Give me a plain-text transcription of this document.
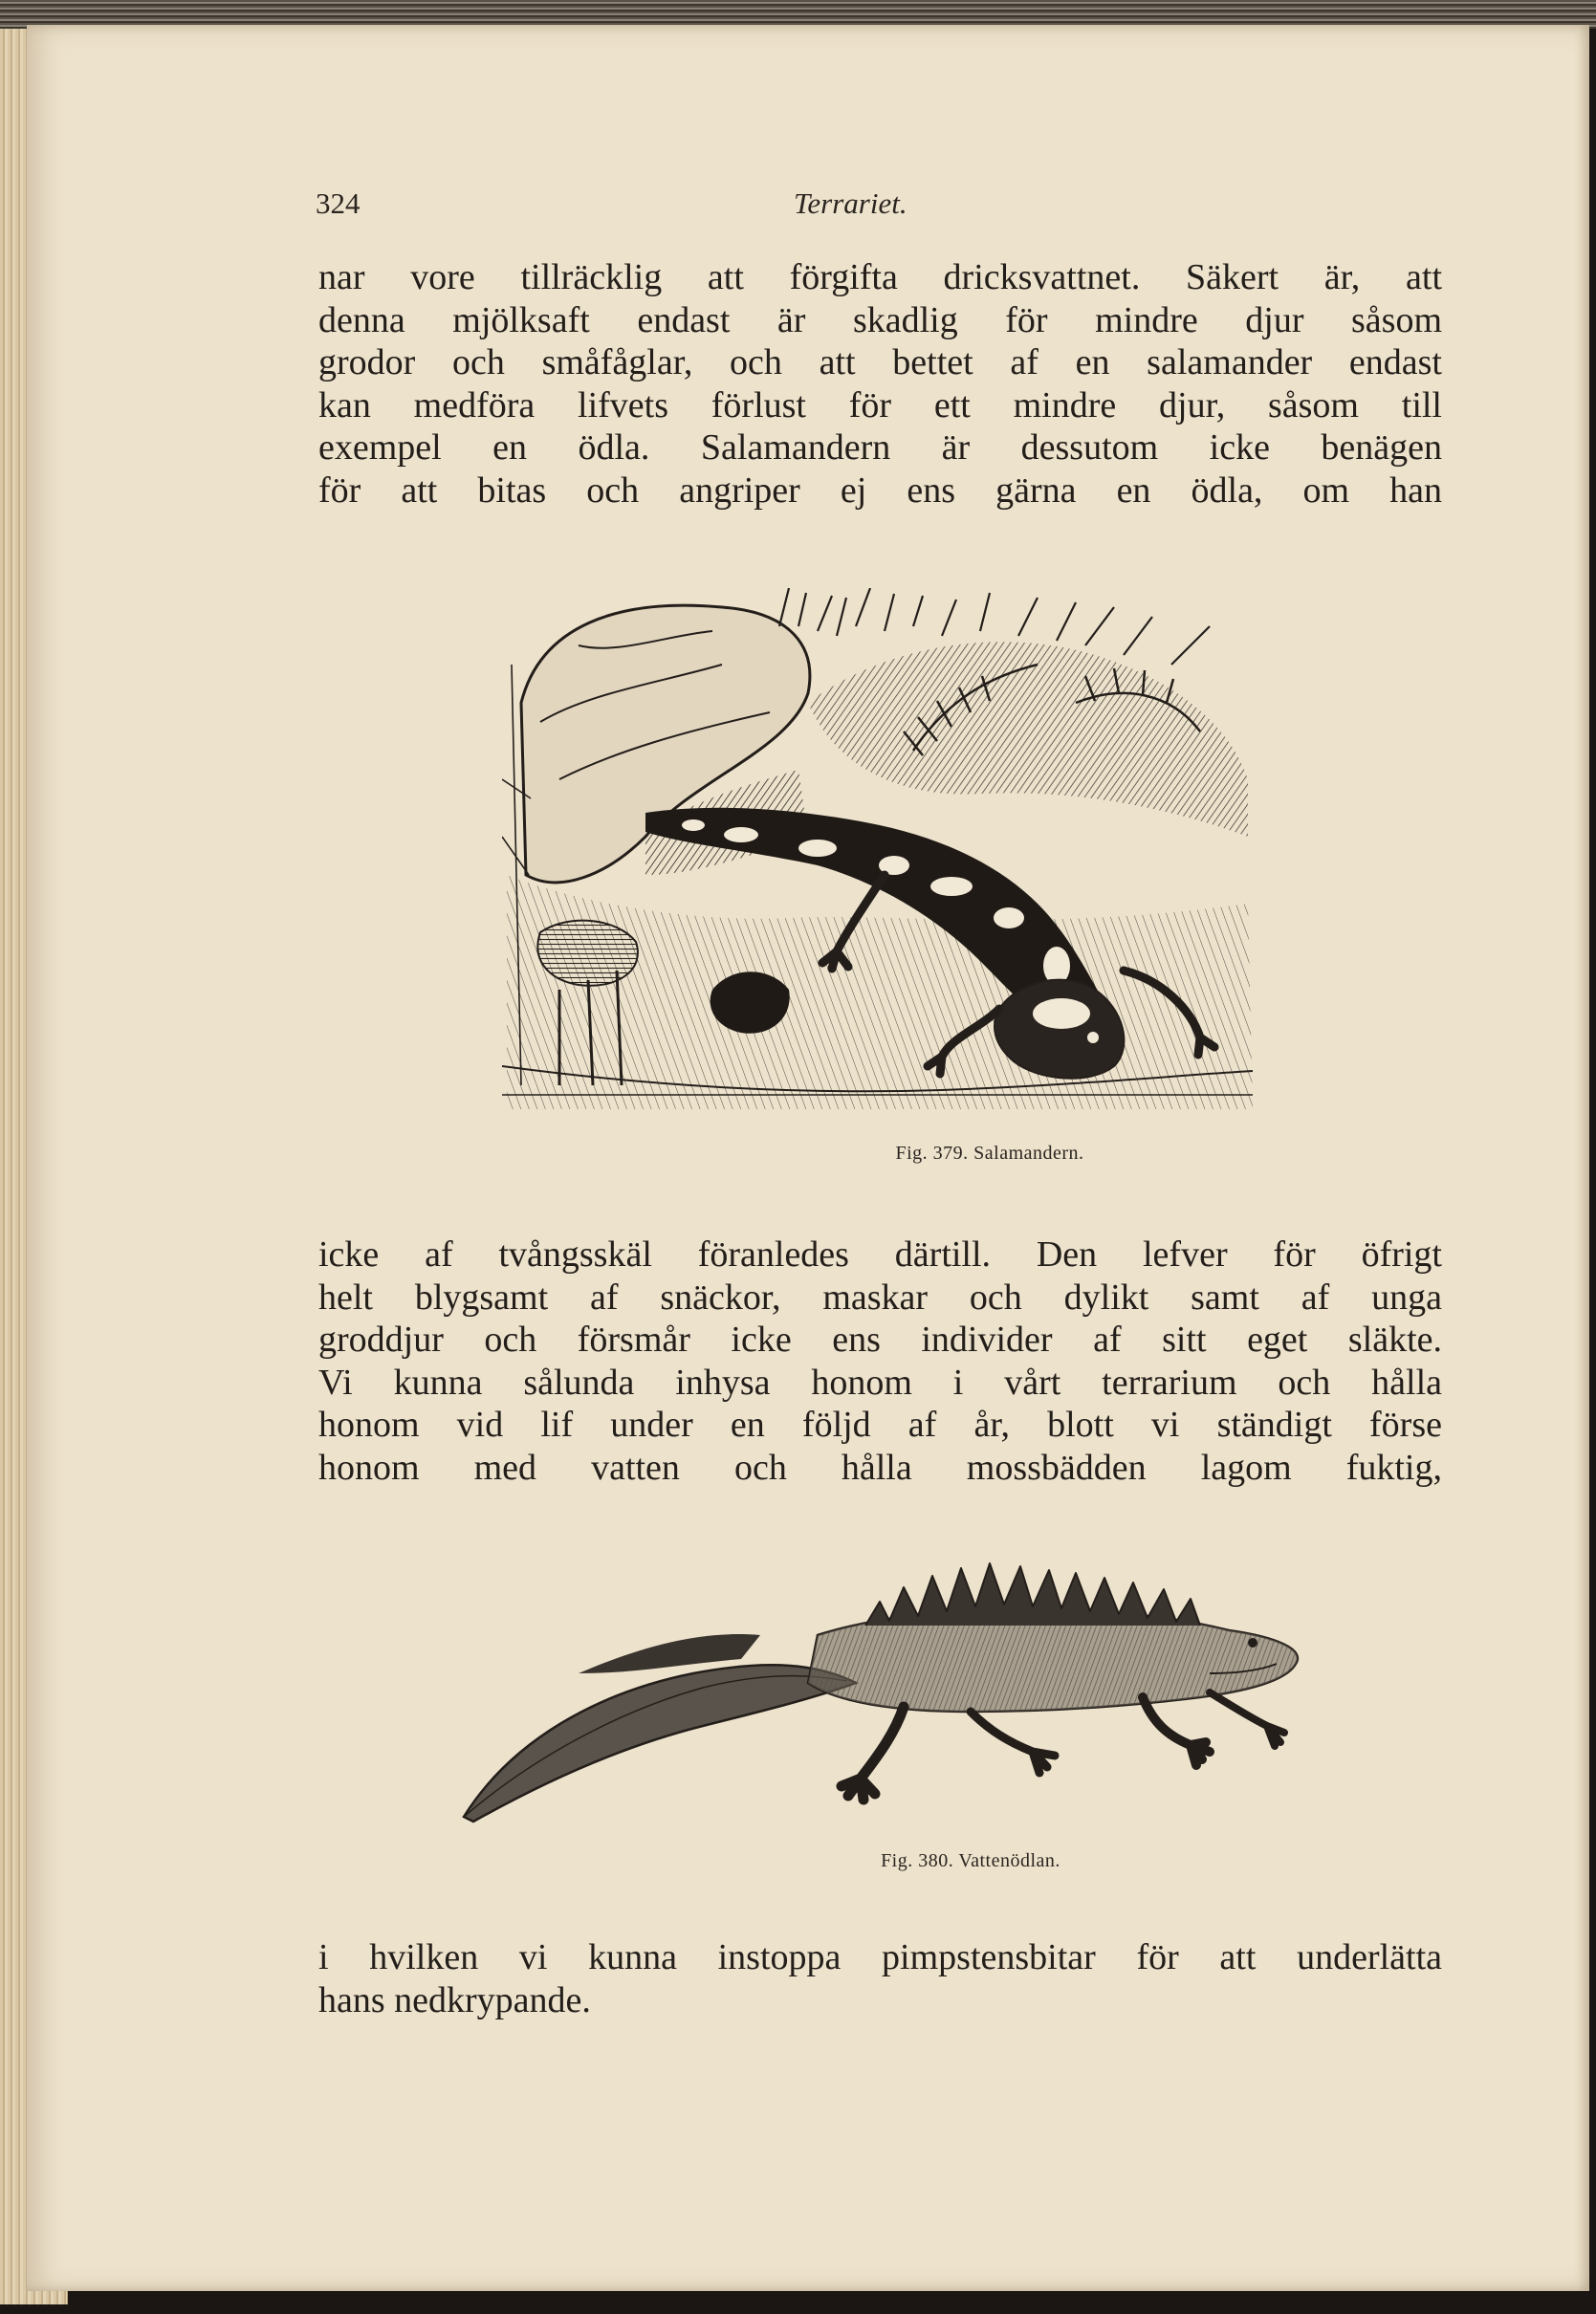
324	Terrariet.
nar vore tillräcklig att förgifta dricksvattnet. Säkert är, att
denna mjölksaft endast är skadlig för mindre djur såsom
grodor och småfåglar, och att bettet af en salamander endast
kan medföra lifvets förlust för ett mindre djur, såsom till
exempel en ödla. Salamandern är dessutom icke benägen
för att bitas och angriper ej ens gärna en ödla, om han
Fig. 379. Salamandern.
icke af tvångsskäl föranledes därtill. Den lefver för öfrigt
helt blygsamt af snäckor, maskar och dylikt samt af unga
groddjur och försmår icke ens individer af sitt eget släkte.
Vi kunna sålunda inhysa honom i vårt terrarium och hålla
honom vid lif under en följd af år, blott vi ständigt förse
honom med vatten och hålla mossbädden lagom fuktig,
Fig. 380. Vattenödlan.
i hvilken vi kunna instoppa pimpstensbitar för att underlätta
hans nedkrypande.
